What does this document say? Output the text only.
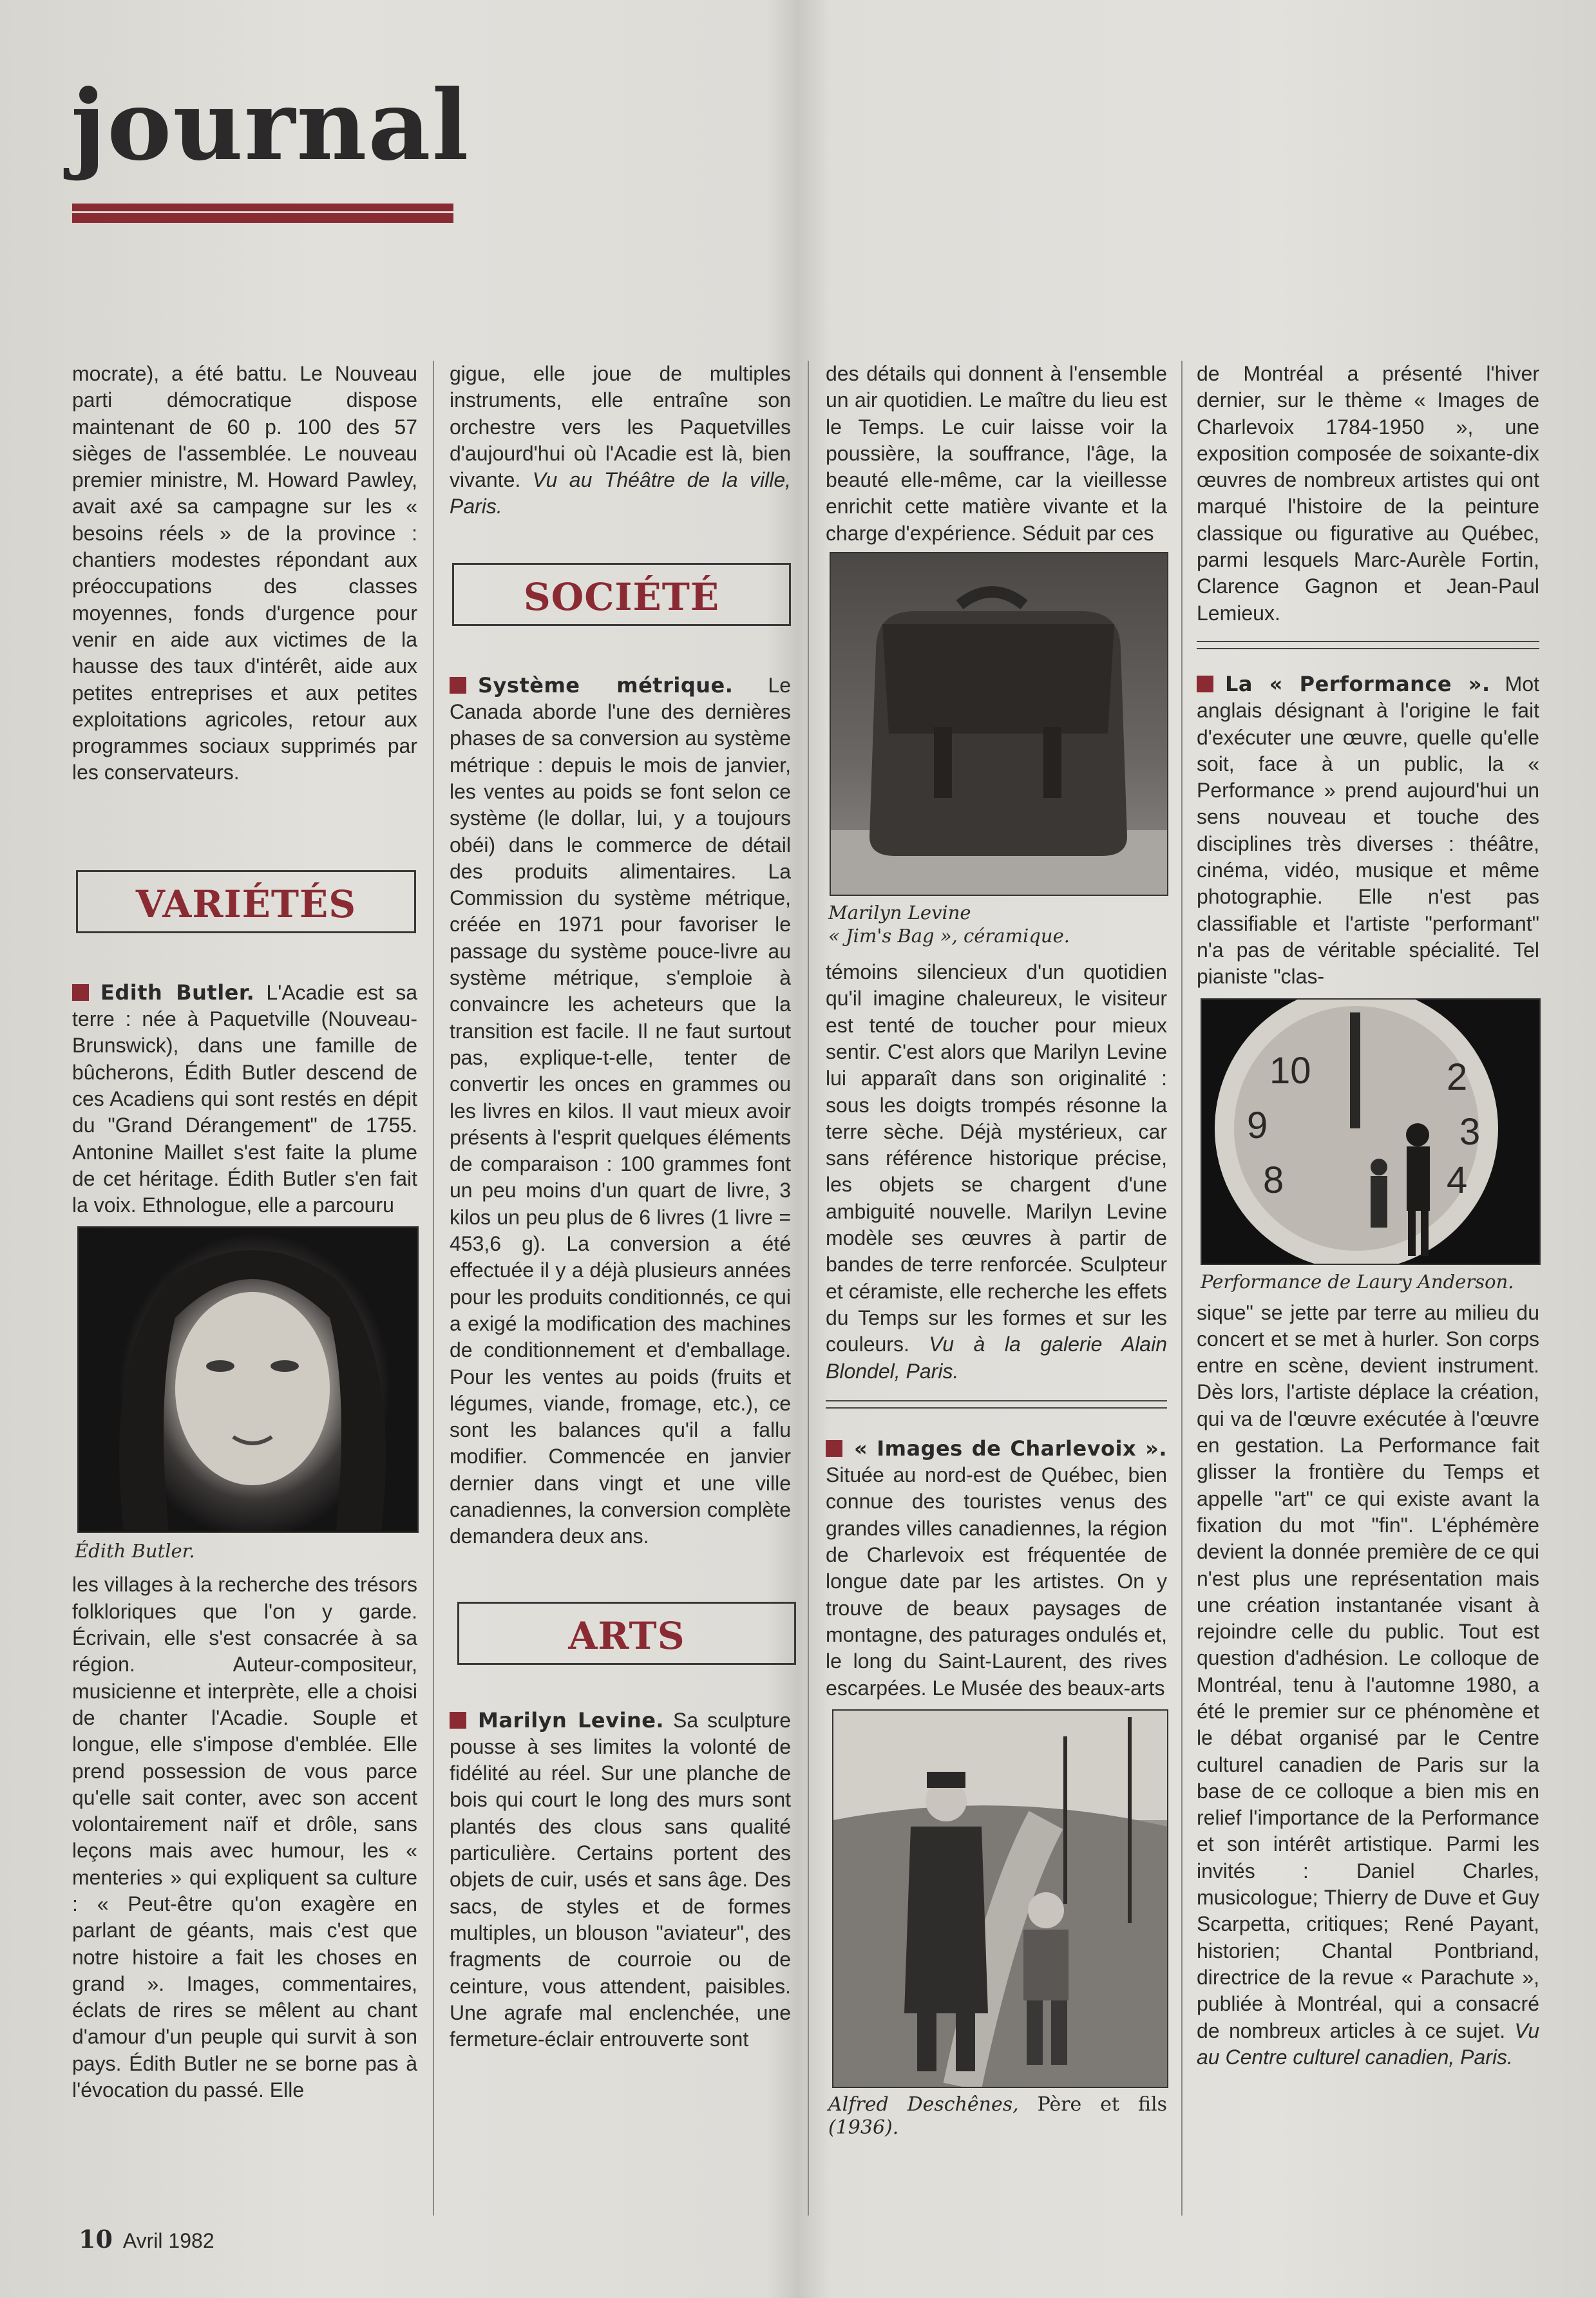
journal

mocrate), a été battu. Le Nouveau parti démocratique dispose maintenant de 60 p. 100 des 57 sièges de l'assemblée. Le nouveau premier ministre, M. Howard Pawley, avait axé sa campagne sur les « besoins réels » de la province : chantiers modestes répondant aux préoccupations des classes moyennes, fonds d'urgence pour venir en aide aux victimes de la hausse des taux d'intérêt, aide aux petites entreprises et aux petites exploitations agricoles, retour aux programmes sociaux supprimés par les conservateurs.

VARIÉTÉS

Edith Butler. L'Acadie est sa terre : née à Paquetville (Nouveau-Brunswick), dans une famille de bûcherons, Édith Butler descend de ces Acadiens qui sont restés en dépit du "Grand Dérangement" de 1755. Antonine Maillet s'est faite la plume de cet héritage. Édith Butler s'en fait la voix. Ethnologue, elle a parcouru

Édith Butler.

les villages à la recherche des trésors folkloriques que l'on y garde. Écrivain, elle s'est consacrée à sa région. Auteur-compositeur, musicienne et interprète, elle a choisi de chanter l'Acadie. Souple et longue, elle s'impose d'emblée. Elle prend possession de vous parce qu'elle sait conter, avec son accent volontairement naïf et drôle, sans leçons mais avec humour, les « menteries » qui expliquent sa culture : « Peut-être qu'on exagère en parlant de géants, mais c'est que notre histoire a fait les choses en grand ». Images, commentaires, éclats de rires se mêlent au chant d'amour d'un peuple qui survit à son pays. Édith Butler ne se borne pas à l'évocation du passé. Elle

gigue, elle joue de multiples instruments, elle entraîne son orchestre vers les Paquetvilles d'aujourd'hui où l'Acadie est là, bien vivante. Vu au Théâtre de la ville, Paris.

SOCIÉTÉ

Système métrique. Le Canada aborde l'une des dernières phases de sa conversion au système métrique : depuis le mois de janvier, les ventes au poids se font selon ce système (le dollar, lui, y a toujours obéi) dans le commerce de détail des produits alimentaires. La Commission du système métrique, créée en 1971 pour favoriser le passage du système pouce-livre au système métrique, s'emploie à convaincre les acheteurs que la transition est facile. Il ne faut surtout pas, explique-t-elle, tenter de convertir les onces en grammes ou les livres en kilos. Il vaut mieux avoir présents à l'esprit quelques éléments de comparaison : 100 grammes font un peu moins d'un quart de livre, 3 kilos un peu plus de 6 livres (1 livre = 453,6 g). La conversion a été effectuée il y a déjà plusieurs années pour les produits conditionnés, ce qui a exigé la modification des machines de conditionnement et d'emballage. Pour les ventes au poids (fruits et légumes, viande, fromage, etc.), ce sont les balances qu'il a fallu modifier. Commencée en janvier dernier dans vingt et une ville canadiennes, la conversion complète demandera deux ans.

ARTS

Marilyn Levine. Sa sculpture pousse à ses limites la volonté de fidélité au réel. Sur une planche de bois qui court le long des murs sont plantés des clous sans qualité particulière. Certains portent des objets de cuir, usés et sans âge. Des sacs, de styles et de formes multiples, un blouson "aviateur", des fragments de courroie ou de ceinture, vous attendent, paisibles. Une agrafe mal enclenchée, une fermeture-éclair entrouverte sont

des détails qui donnent à l'ensemble un air quotidien. Le maître du lieu est le Temps. Le cuir laisse voir la poussière, la souffrance, l'âge, la beauté elle-même, car la vieillesse enrichit cette matière vivante et la charge d'expérience. Séduit par ces

Marilyn Levine
« Jim's Bag », céramique.

témoins silencieux d'un quotidien qu'il imagine chaleureux, le visiteur est tenté de toucher pour mieux sentir. C'est alors que Marilyn Levine lui apparaît dans son originalité : sous les doigts trompés résonne la terre sèche. Déjà mystérieux, car sans référence historique précise, les objets se chargent d'une ambiguité nouvelle. Marilyn Levine modèle ses œuvres à partir de bandes de terre renforcée. Sculpteur et céramiste, elle recherche les effets du Temps sur les formes et sur les couleurs. Vu à la galerie Alain Blondel, Paris.

« Images de Charlevoix ». Située au nord-est de Québec, bien connue des touristes venus des grandes villes canadiennes, la région de Charlevoix est fréquentée de longue date par les artistes. On y trouve de beaux paysages de montagne, des paturages ondulés et, le long du Saint-Laurent, des rives escarpées. Le Musée des beaux-arts

Alfred Deschênes, Père et fils (1936).

de Montréal a présenté l'hiver dernier, sur le thème « Images de Charlevoix 1784-1950 », une exposition composée de soixante-dix œuvres de nombreux artistes qui ont marqué l'histoire de la peinture classique ou figurative au Québec, parmi lesquels Marc-Aurèle Fortin, Clarence Gagnon et Jean-Paul Lemieux.

La « Performance ». Mot anglais désignant à l'origine le fait d'exécuter une œuvre, quelle qu'elle soit, face à un public, la « Performance » prend aujourd'hui un sens nouveau et touche des disciplines très diverses : théâtre, cinéma, vidéo, musique et même photographie. Elle n'est pas classifiable et l'artiste "performant" n'a pas de véritable spécialité. Tel pianiste "clas-

10
9
8
2
3
4
Performance de Laury Anderson.

sique" se jette par terre au milieu du concert et se met à hurler. Son corps entre en scène, devient instrument. Dès lors, l'artiste déplace la création, qui va de l'œuvre exécutée à l'œuvre en gestation. La Performance fait glisser la frontière du Temps et appelle "art" ce qui existe avant la fixation du mot "fin". L'éphémère devient la donnée première de ce qui n'est plus une représentation mais une création instantanée visant à rejoindre celle du public. Tout est question d'adhésion. Le colloque de Montréal, tenu à l'automne 1980, a été le premier sur ce phénomène et le débat organisé par le Centre culturel canadien de Paris sur la base de ce colloque a bien mis en relief l'importance de la Performance et son intérêt artistique. Parmi les invités : Daniel Charles, musicologue; Thierry de Duve et Guy Scarpetta, critiques; René Payant, historien; Chantal Pontbriand, directrice de la revue « Parachute », publiée à Montréal, qui a consacré de nombreux articles à ce sujet. Vu au Centre culturel canadien, Paris.

10 Avril 1982
